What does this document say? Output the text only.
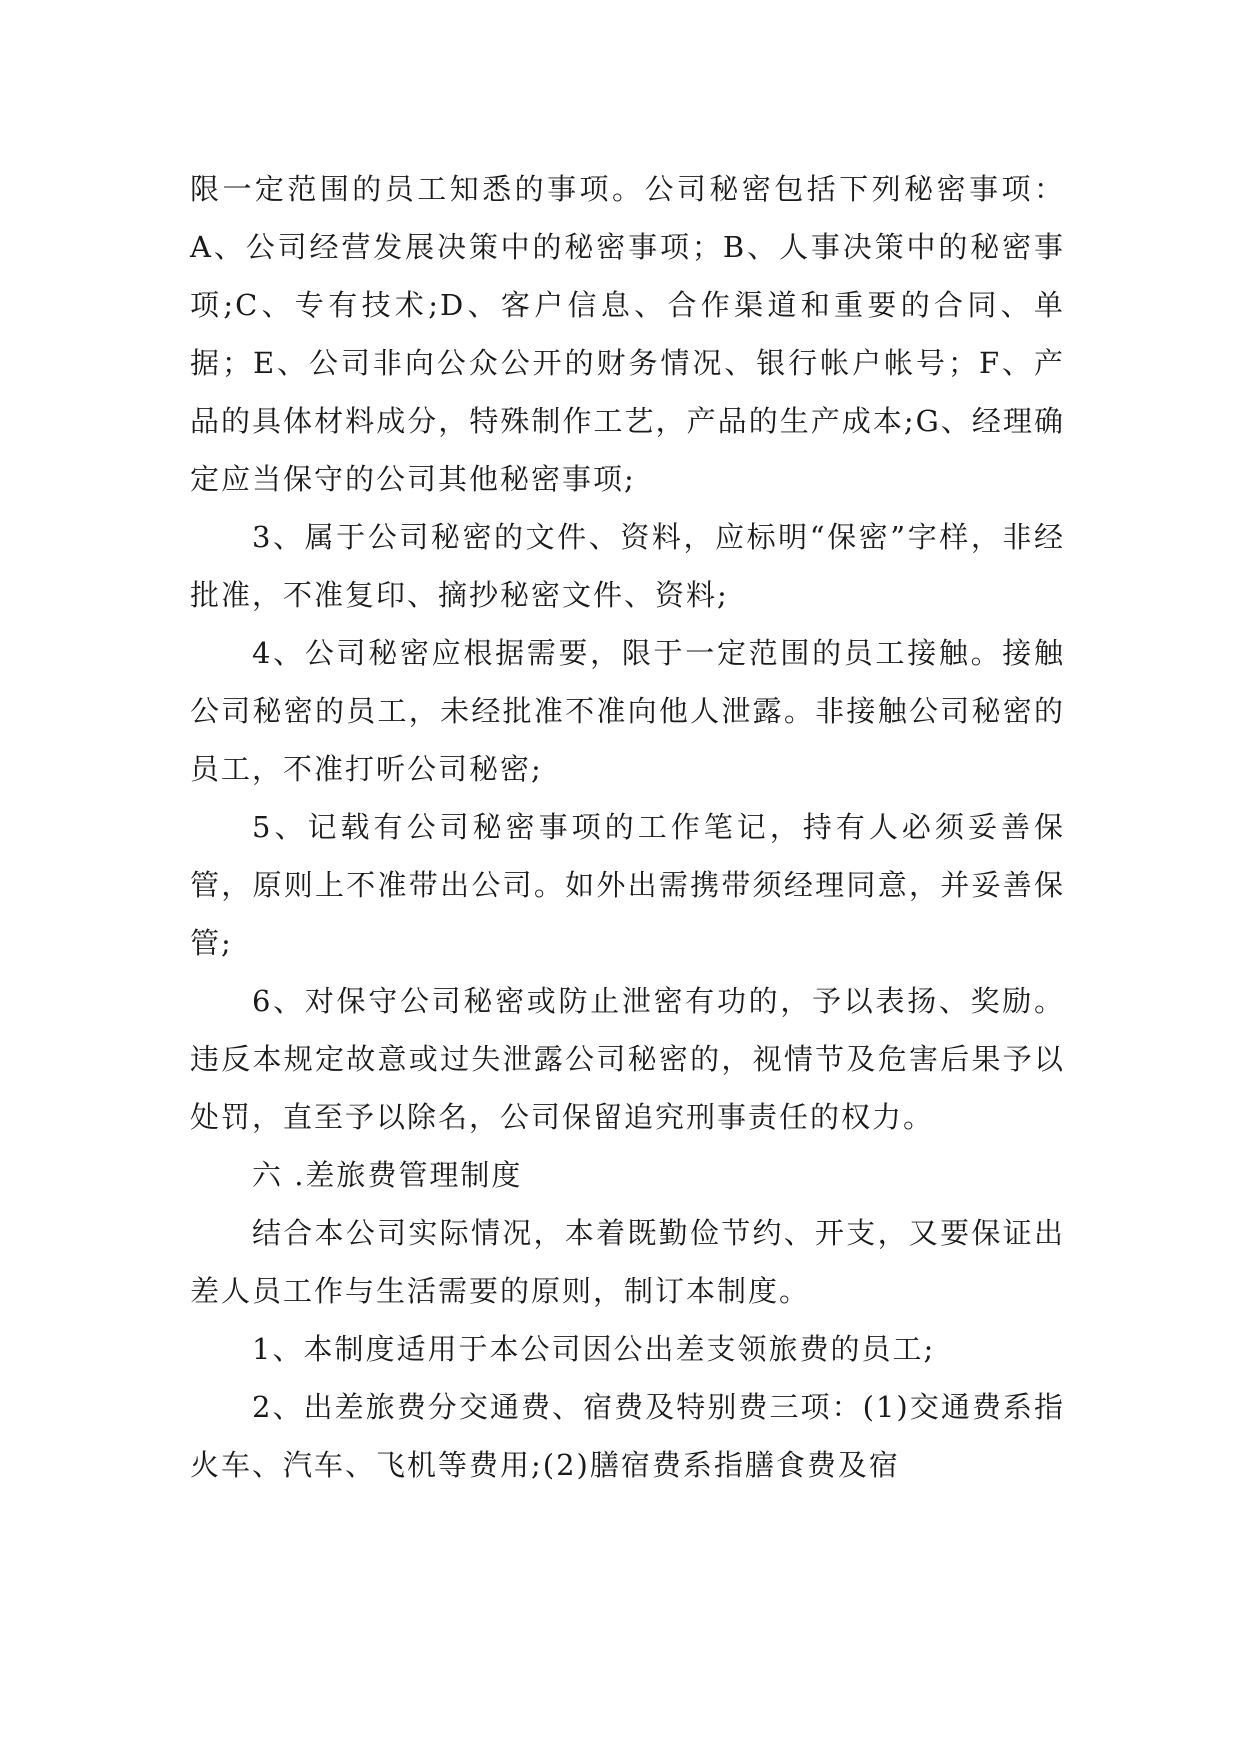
限一定范围的员工知悉的事项。公司秘密包括下列秘密事项：A、公司经营发展决策中的秘密事项；B、人事决策中的秘密事项;C、专有技术;D、客户信息、合作渠道和重要的合同、单据；E、公司非向公众公开的财务情况、银行帐户帐号；F、产品的具体材料成分，特殊制作工艺，产品的生产成本;G、经理确定应当保守的公司其他秘密事项;

3、属于公司秘密的文件、资料，应标明“保密”字样，非经批准，不准复印、摘抄秘密文件、资料;

4、公司秘密应根据需要，限于一定范围的员工接触。接触公司秘密的员工，未经批准不准向他人泄露。非接触公司秘密的员工，不准打听公司秘密;

5、记载有公司秘密事项的工作笔记，持有人必须妥善保管，原则上不准带出公司。如外出需携带须经理同意，并妥善保管;

6、对保守公司秘密或防止泄密有功的，予以表扬、奖励。 违反本规定故意或过失泄露公司秘密的，视情节及危害后果予以处罚，直至予以除名，公司保留追究刑事责任的权力。

六 .差旅费管理制度

结合本公司实际情况，本着既勤俭节约、开支，又要保证出差人员工作与生活需要的原则，制订本制度。

1、本制度适用于本公司因公出差支领旅费的员工;

2、出差旅费分交通费、宿费及特别费三项：(1)交通费系指火车、汽车、飞机等费用;(2)膳宿费系指膳食费及宿
